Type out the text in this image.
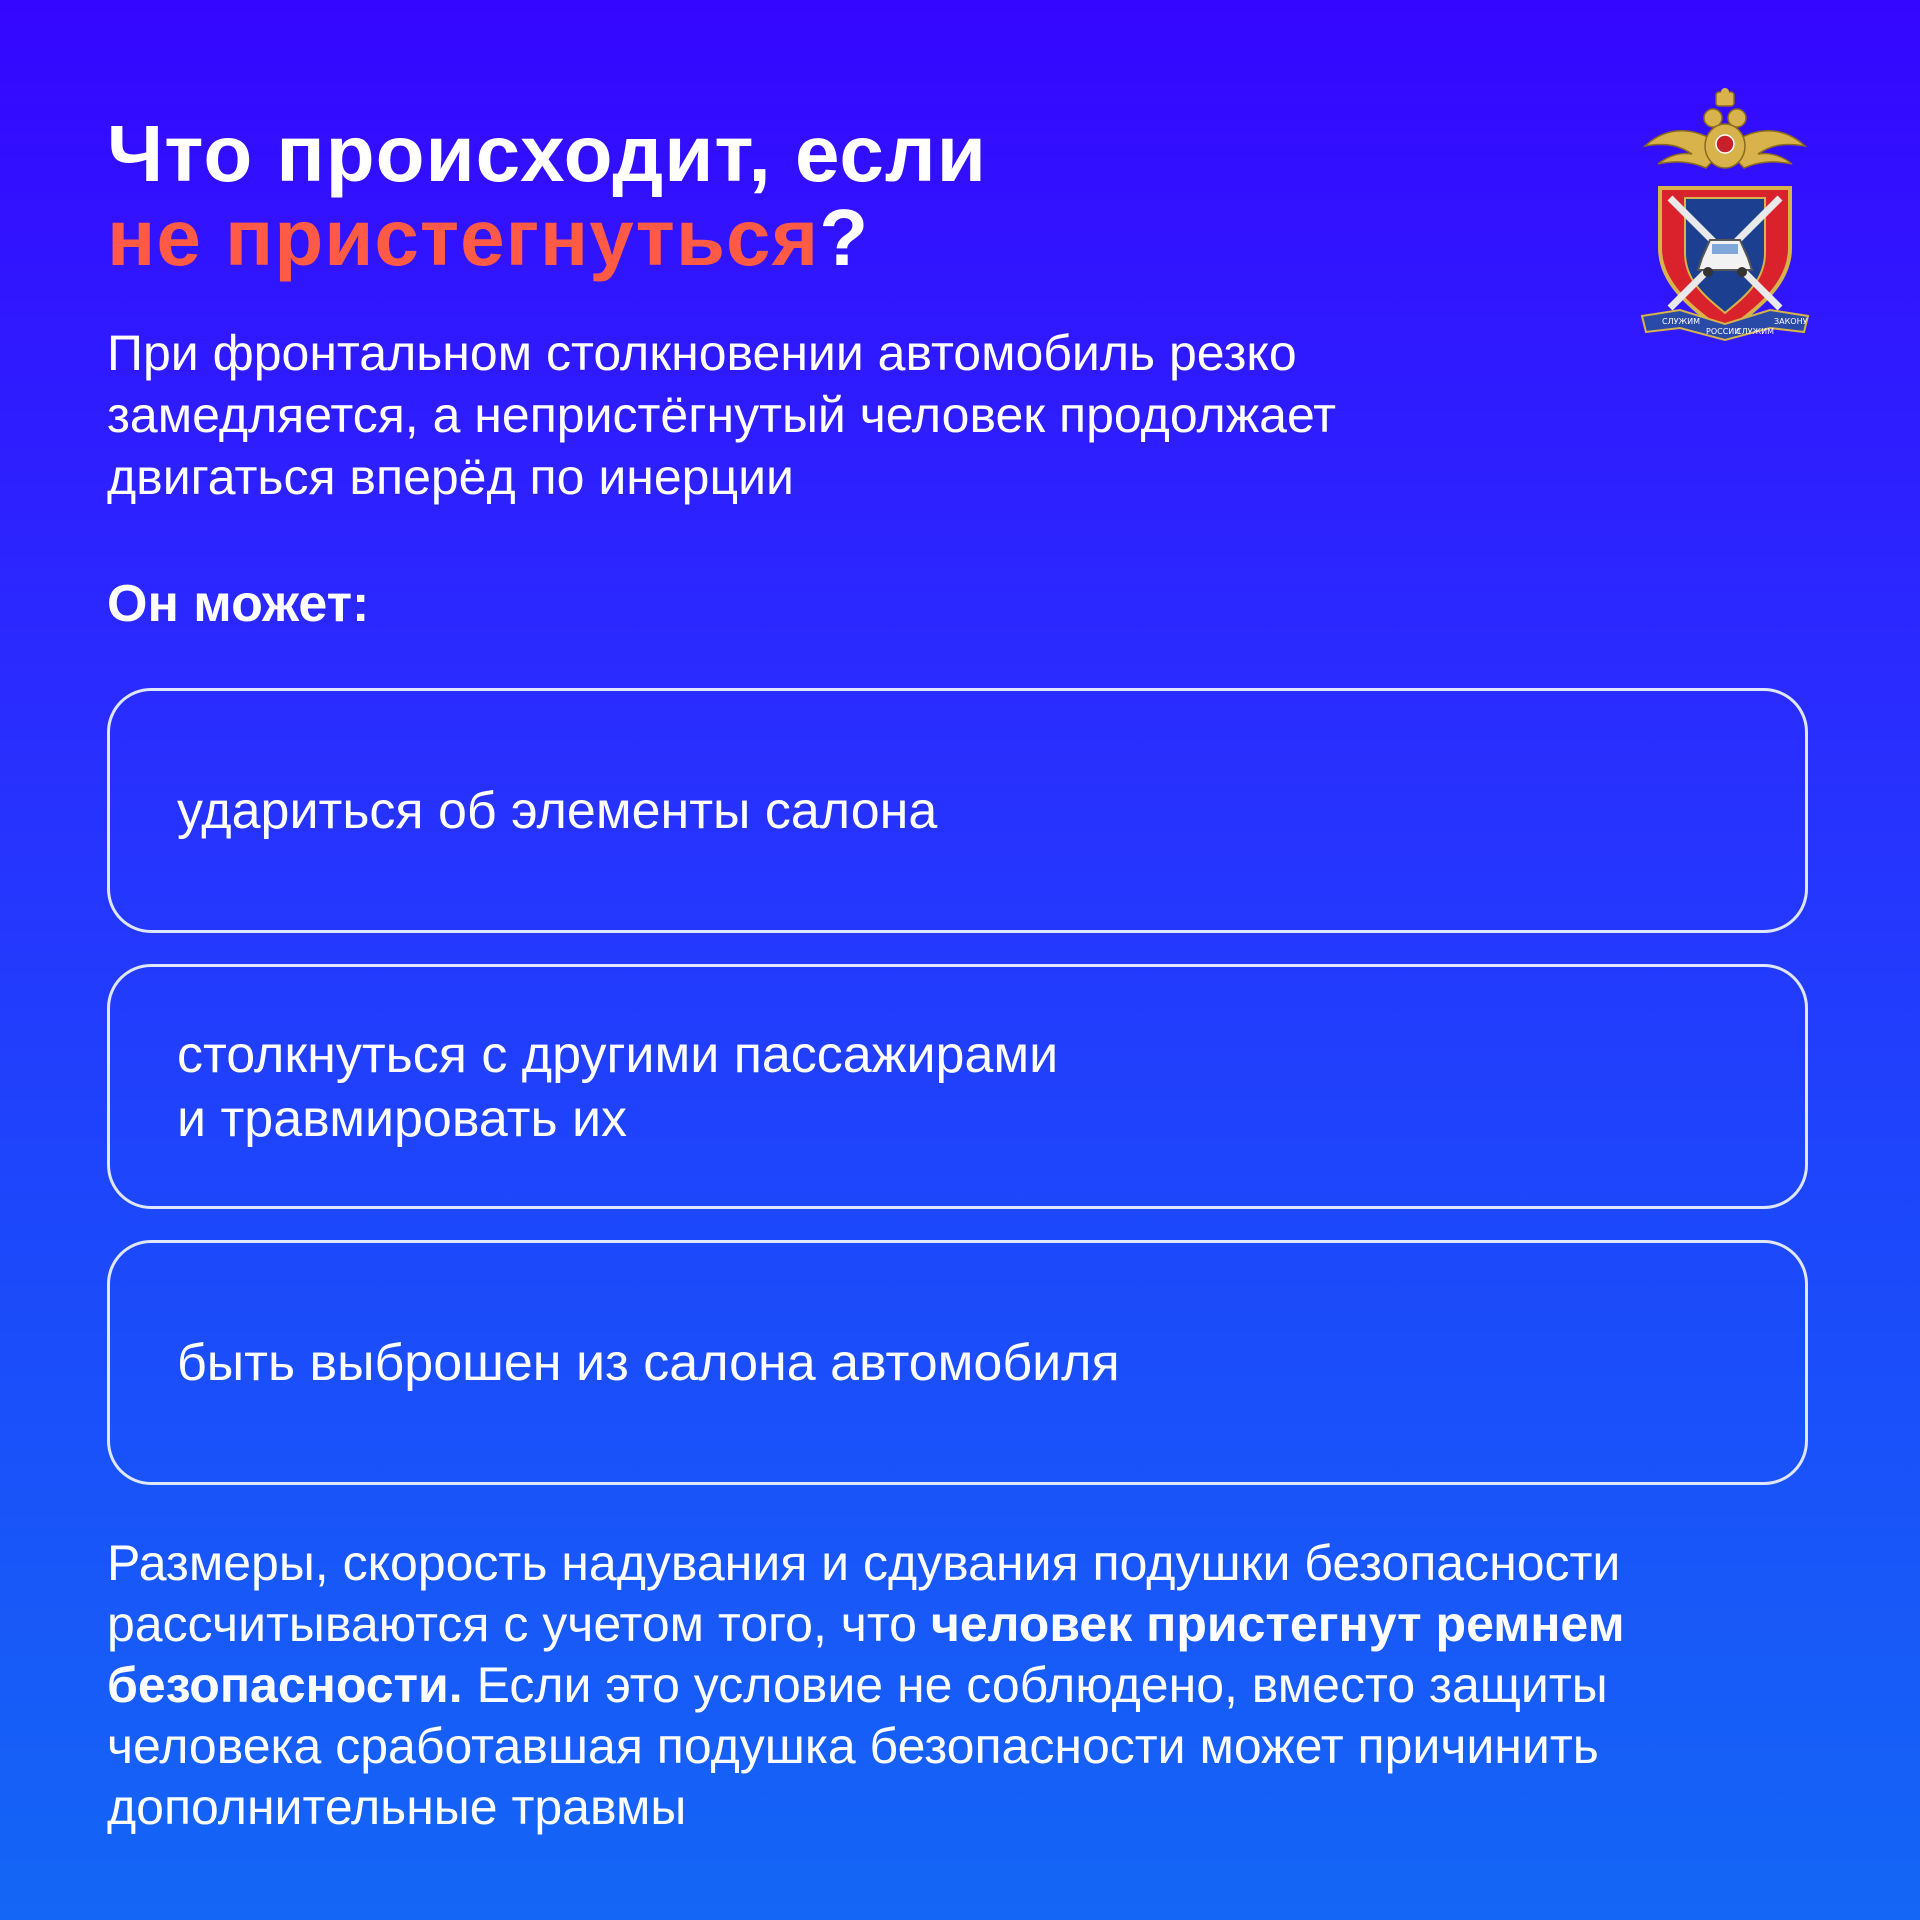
Что происходит, если
не пристегнуться?
СЛУЖИМ
РОССИИ
СЛУЖИМ
ЗАКОНУ

При фронтальном столкновении автомобиль резко
замедляется, а непристёгнутый человек продолжает
двигаться вперёд по инерции

Он может:
удариться об элементы салона
столкнуться с другими пассажирами
и травмировать их
быть выброшен из салона автомобиля

Размеры, скорость надувания и сдувания подушки безопасности рассчитываются с учетом того, что человек пристегнут ремнем безопасности. Если это условие не соблюдено, вместо защиты человека сработавшая подушка безопасности может причинить дополнительные травмы
